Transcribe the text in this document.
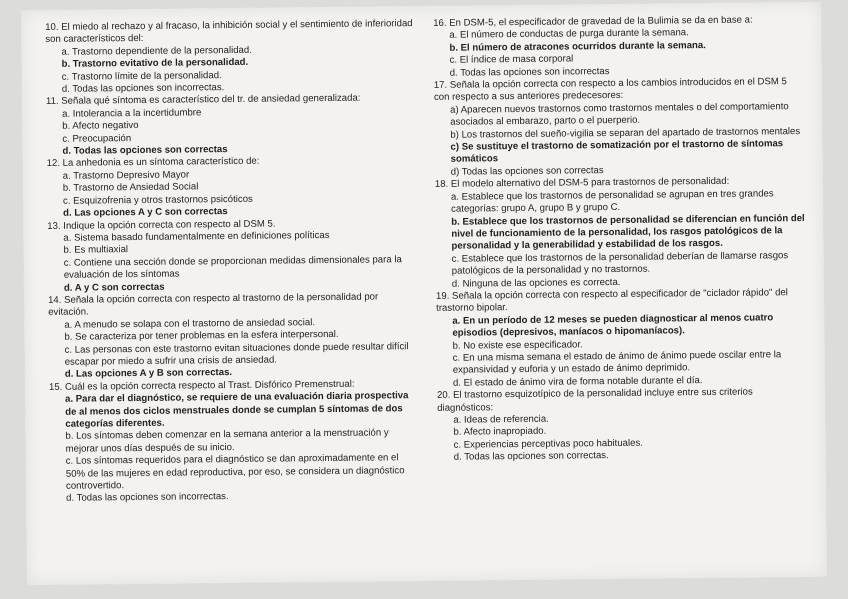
10. El miedo al rechazo y al fracaso, la inhibición social y el sentimiento de inferioridad son característicos del:

a. Trastorno dependiente de la personalidad.

b. Trastorno evitativo de la personalidad.

c. Trastorno límite de la personalidad.

d. Todas las opciones son incorrectas.

11. Señala qué síntoma es característico del tr. de ansiedad generalizada:

a. Intolerancia a la incertidumbre

b. Afecto negativo

c. Preocupación

d. Todas las opciones son correctas

12. La anhedonia es un síntoma característico de:

a. Trastorno Depresivo Mayor

b. Trastorno de Ansiedad Social

c. Esquizofrenia y otros trastornos psicóticos

d. Las opciones A y C son correctas

13. Indique la opción correcta con respecto al DSM 5.

a. Sistema basado fundamentalmente en definiciones políticas

b. Es multiaxial

c. Contiene una sección donde se proporcionan medidas dimensionales para la evaluación de los síntomas

d. A y C son correctas

14. Señala la opción correcta con respecto al trastorno de la personalidad por evitación.

a. A menudo se solapa con el trastorno de ansiedad social.

b. Se caracteriza por tener problemas en la esfera interpersonal.

c. Las personas con este trastorno evitan situaciones donde puede resultar difícil escapar por miedo a sufrir una crisis de ansiedad.

d. Las opciones A y B son correctas.

15. Cuál es la opción correcta respecto al Trast. Disfórico Premenstrual:

a. Para dar el diagnóstico, se requiere de una evaluación diaria prospectiva de al menos dos ciclos menstruales donde se cumplan 5 síntomas de dos categorías diferentes.

b. Los síntomas deben comenzar en la semana anterior a la menstruación y mejorar unos días después de su inicio.

c. Los síntomas requeridos para el diagnóstico se dan aproximadamente en el 50% de las mujeres en edad reproductiva, por eso, se considera un diagnóstico controvertido.

d. Todas las opciones son incorrectas.

16. En DSM-5, el especificador de gravedad de la Bulimia se da en base a:

a. El número de conductas de purga durante la semana.

b. El número de atracones ocurridos durante la semana.

c. El índice de masa corporal

d. Todas las opciones son incorrectas

17. Señala la opción correcta con respecto a los cambios introducidos en el DSM 5 con respecto a sus anteriores predecesores:

a) Aparecen nuevos trastornos como trastornos mentales o del comportamiento asociados al embarazo, parto o el puerperio.

b) Los trastornos del sueño-vigilia se separan del apartado de trastornos mentales

c) Se sustituye el trastorno de somatización por el trastorno de síntomas somáticos

d) Todas las opciones son correctas

18. El modelo alternativo del DSM-5 para trastornos de personalidad:

a. Establece que los trastornos de personalidad se agrupan en tres grandes categorías: grupo A, grupo B y grupo C.

b. Establece que los trastornos de personalidad se diferencian en función del nivel de funcionamiento de la personalidad, los rasgos patológicos de la personalidad y la generabilidad y estabilidad de los rasgos.

c. Establece que los trastornos de la personalidad deberían de llamarse rasgos patológicos de la personalidad y no trastornos.

d. Ninguna de las opciones es correcta.

19. Señala la opción correcta con respecto al especificador de "ciclador rápido" del trastorno bipolar.

a. En un período de 12 meses se pueden diagnosticar al menos cuatro episodios (depresivos, maníacos o hipomaníacos).

b. No existe ese especificador.

c. En una misma semana el estado de ánimo de ánimo puede oscilar entre la expansividad y euforia y un estado de ánimo deprimido.

d. El estado de ánimo vira de forma notable durante el día.

20. El trastorno esquizotípico de la personalidad incluye entre sus criterios diagnósticos:

a. Ideas de referencia.

b. Afecto inapropiado.

c. Experiencias perceptivas poco habituales.

d. Todas las opciones son correctas.
